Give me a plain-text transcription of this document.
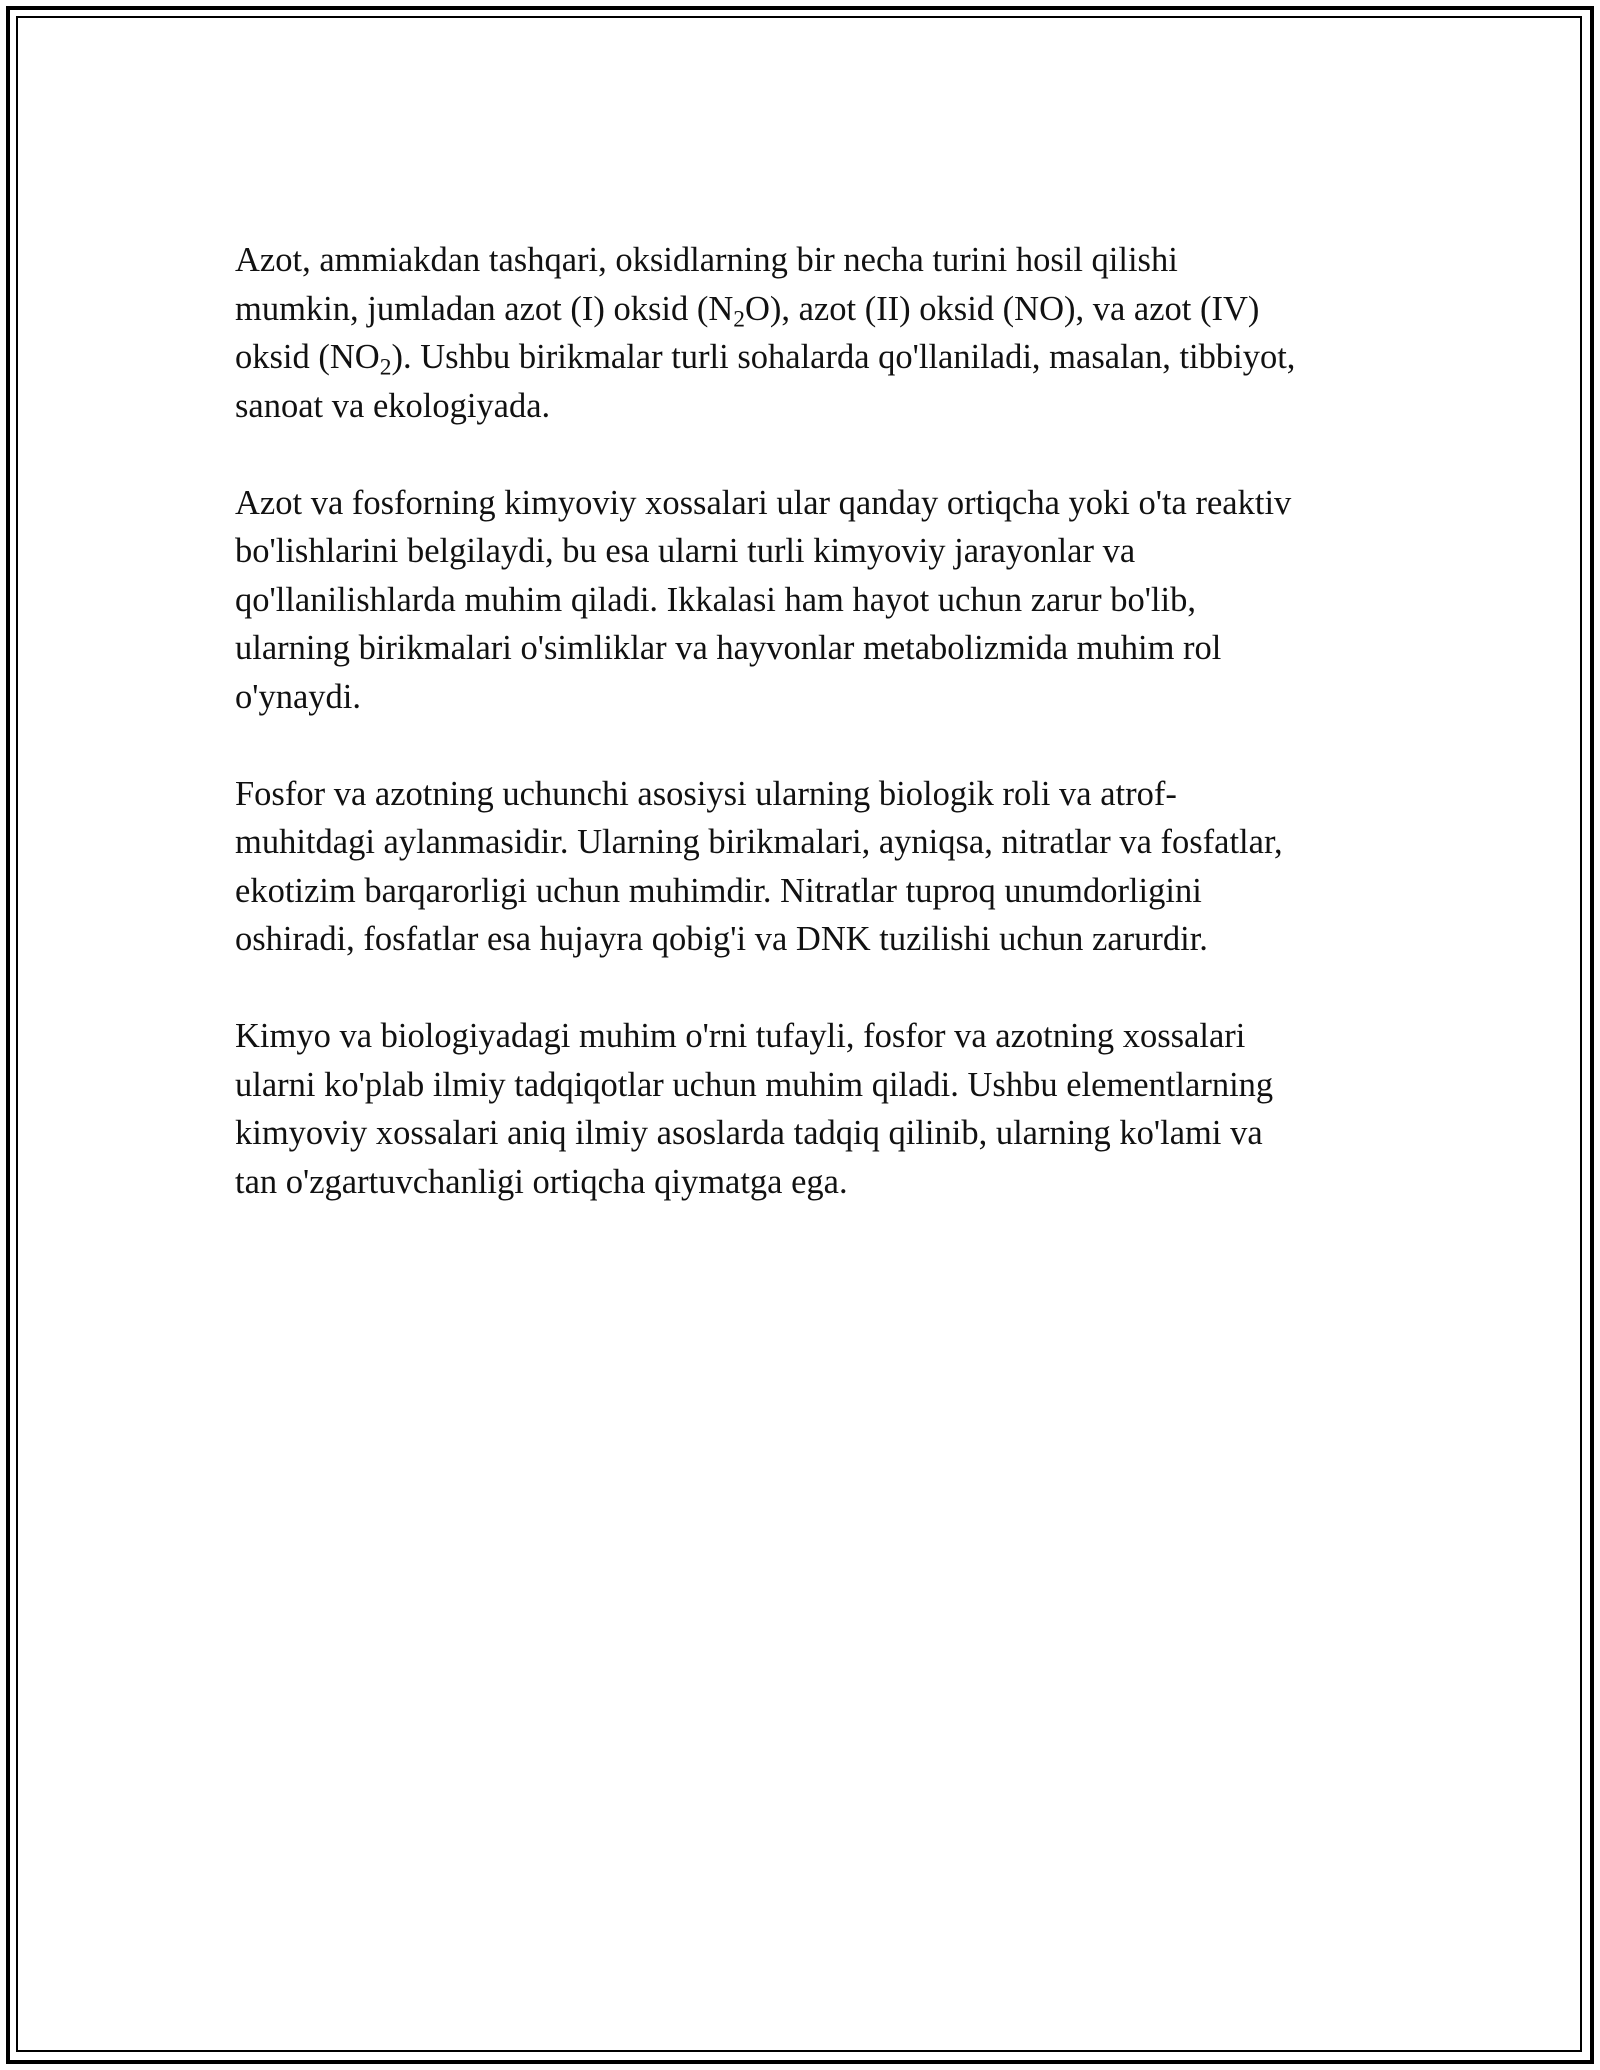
Azot, ammiakdan tashqari, oksidlarning bir necha turini hosil qilishi
mumkin, jumladan azot (I) oksid $(N_2O)$, azot (II) oksid (NO), va azot (IV)
oksid $(NO_2)$. Ushbu birikmalar turli sohalarda qo'llaniladi, masalan, tibbiyot,
sanoat va ekologiyada.

Azot va fosforning kimyoviy xossalari ular qanday ortiqcha yoki o'ta reaktiv
bo'lishlarini belgilaydi, bu esa ularni turli kimyoviy jarayonlar va
qo'llanilishlarda muhim qiladi. Ikkalasi ham hayot uchun zarur bo'lib,
ularning birikmalari o'simliklar va hayvonlar metabolizmida muhim rol
o'ynaydi.

Fosfor va azotning uchunchi asosiysi ularning biologik roli va atrof-
muhitdagi aylanmasidir. Ularning birikmalari, ayniqsa, nitratlar va fosfatlar,
ekotizim barqarorligi uchun muhimdir. Nitratlar tuproq unumdorligini
oshiradi, fosfatlar esa hujayra qobig'i va DNK tuzilishi uchun zarurdir.

Kimyo va biologiyadagi muhim o'rni tufayli, fosfor va azotning xossalari
ularni ko'plab ilmiy tadqiqotlar uchun muhim qiladi. Ushbu elementlarning
kimyoviy xossalari aniq ilmiy asoslarda tadqiq qilinib, ularning ko'lami va
tan o'zgartuvchanligi ortiqcha qiymatga ega.
